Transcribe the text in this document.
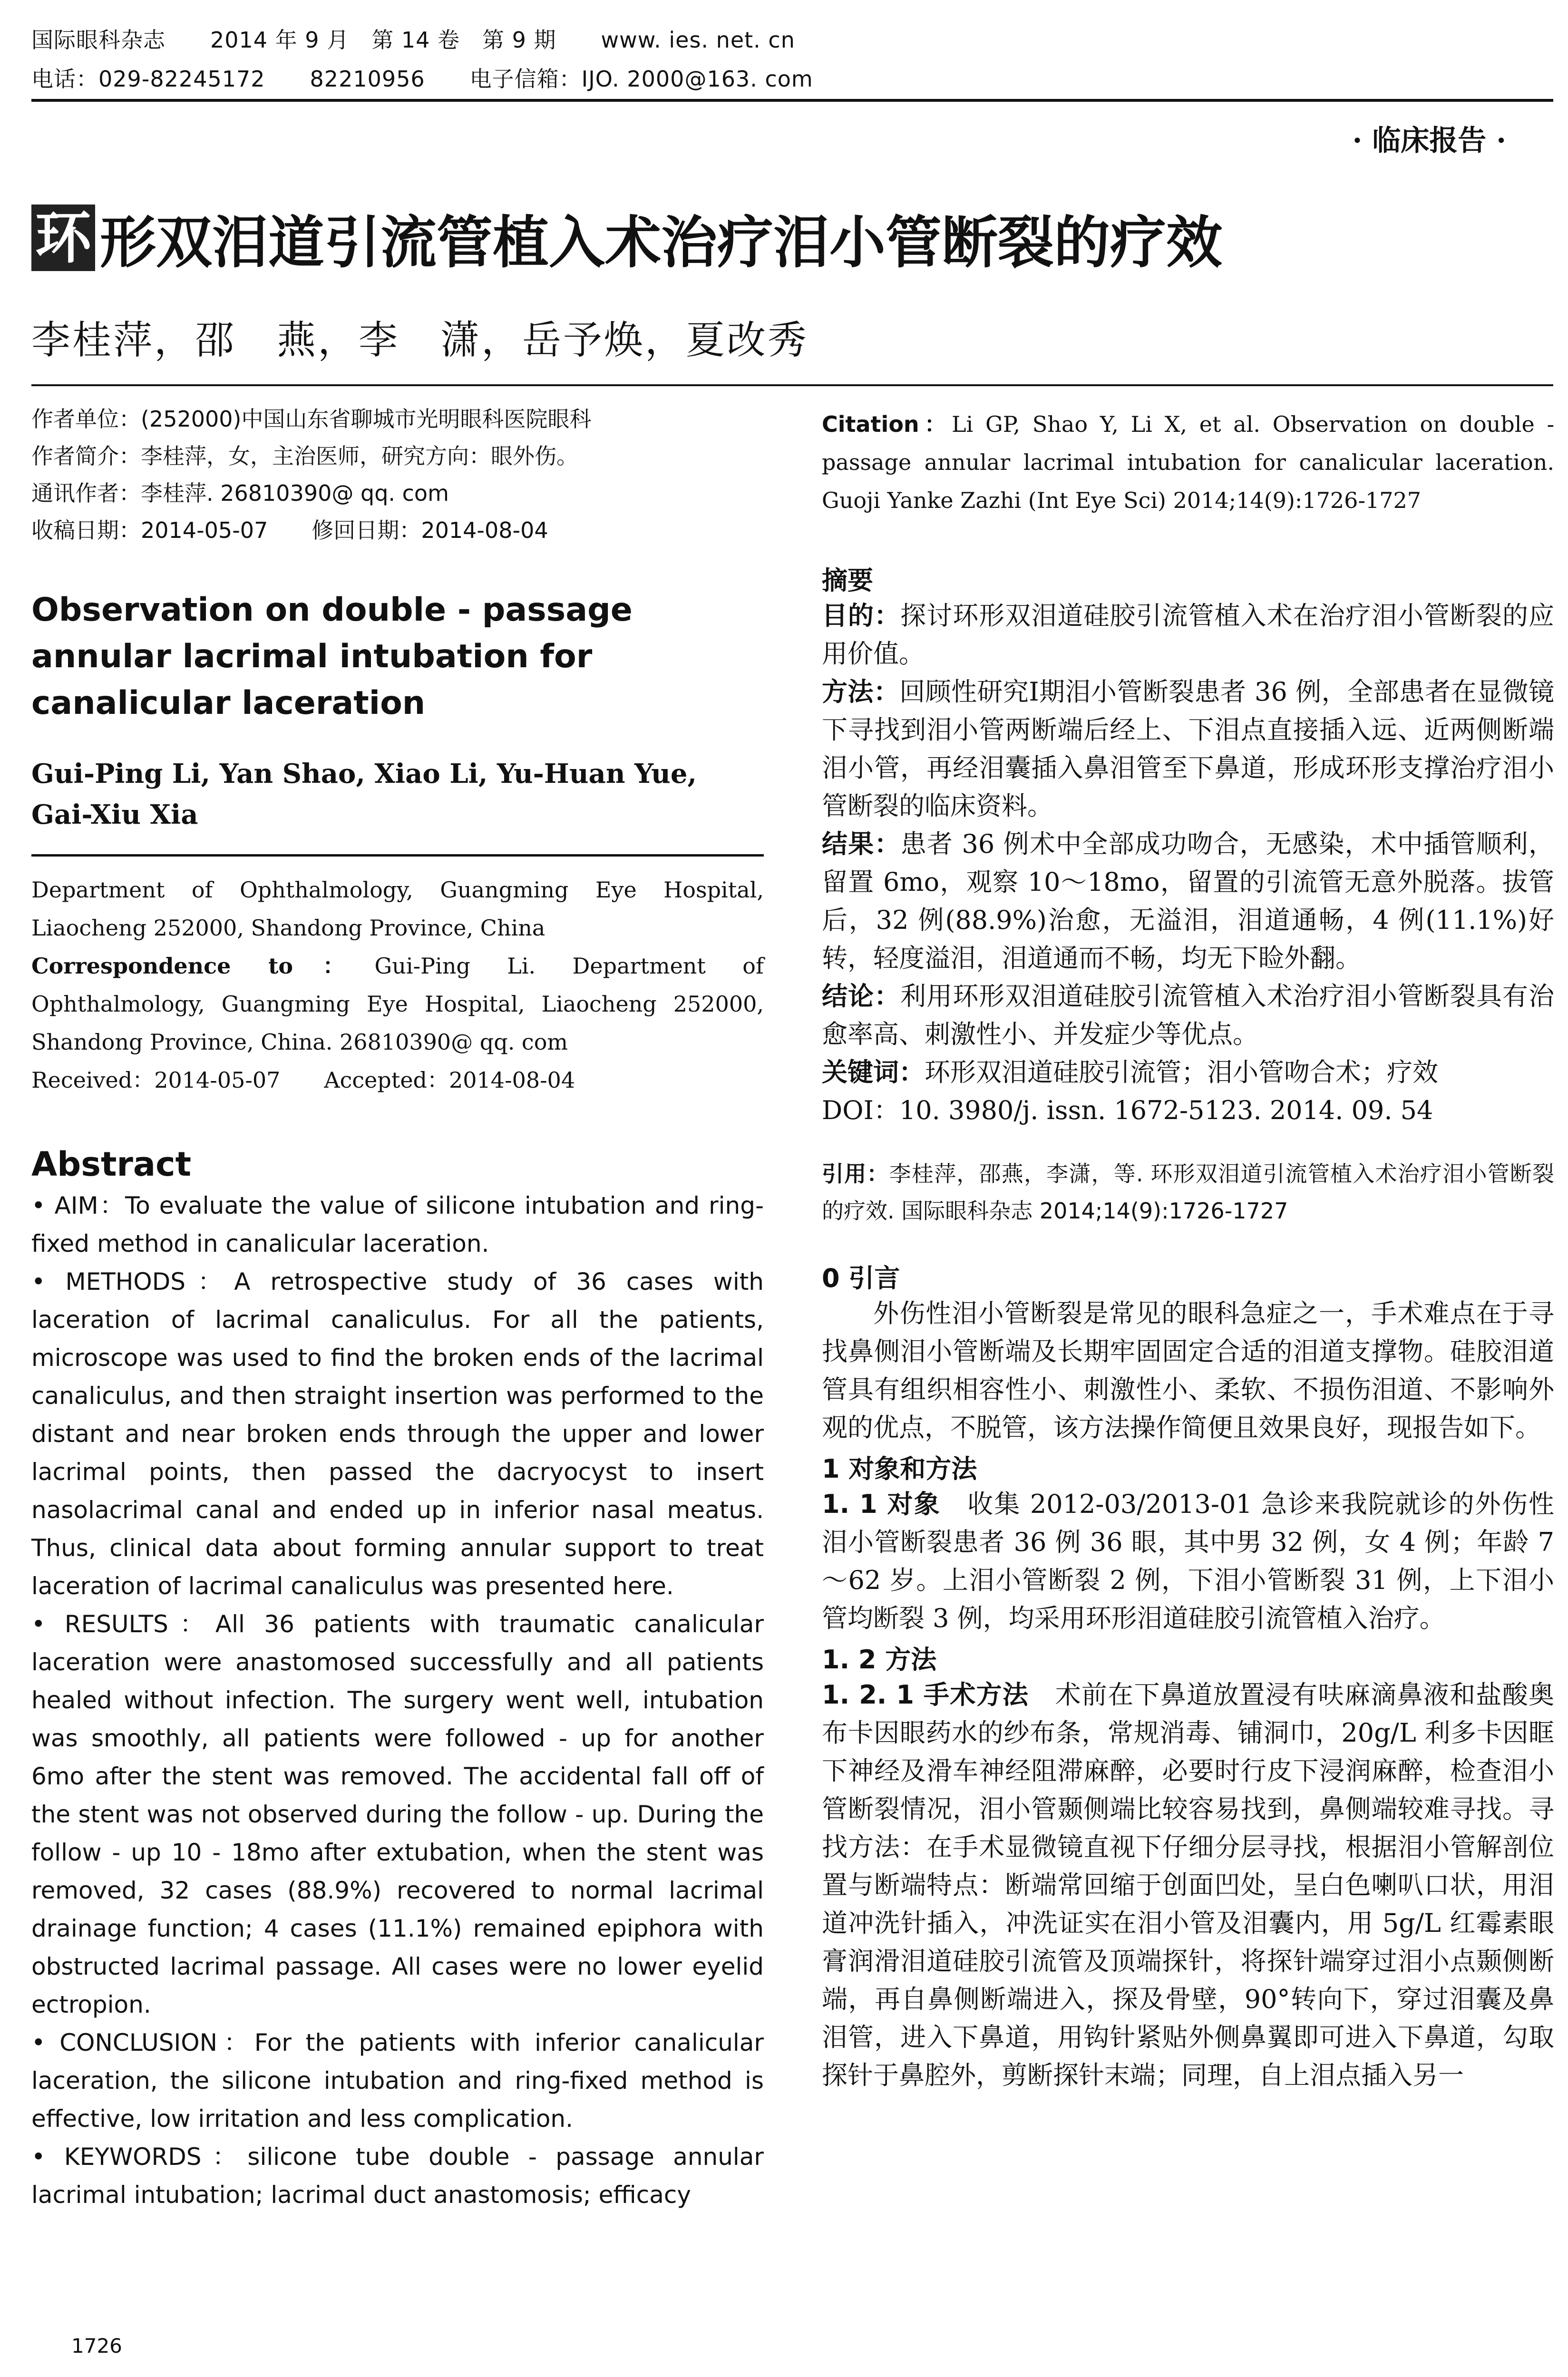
国际眼科杂志　　2014 年 9 月　第 14 卷　第 9 期　　www. ies. net. cn
电话：029-82245172　　82210956　　电子信箱：IJO. 2000@163. com
· 临床报告 ·
环 形双泪道引流管植入术治疗泪小管断裂的疗效
李桂萍，邵　燕，李　潇，岳予焕，夏改秀

作者单位：(252000)中国山东省聊城市光明眼科医院眼科

作者简介：李桂萍，女，主治医师，研究方向：眼外伤。

通讯作者：李桂萍. 26810390@ qq. com

收稿日期：2014-05-07　　修回日期：2014-08-04

Observation on double - passage annular lacrimal intubation for canalicular laceration
Gui-Ping Li, Yan Shao, Xiao Li, Yu-Huan Yue, Gai-Xiu Xia

Department of Ophthalmology, Guangming Eye Hospital, Liaocheng 252000, Shandong Province, China

Correspondence to：Gui-Ping Li. Department of Ophthalmology, Guangming Eye Hospital, Liaocheng 252000, Shandong Province, China. 26810390@ qq. com

Received：2014-05-07　　Accepted：2014-08-04

Abstract

• AIM：To evaluate the value of silicone intubation and ring-fixed method in canalicular laceration.

• METHODS：A retrospective study of 36 cases with laceration of lacrimal canaliculus. For all the patients, microscope was used to find the broken ends of the lacrimal canaliculus, and then straight insertion was performed to the distant and near broken ends through the upper and lower lacrimal points, then passed the dacryocyst to insert nasolacrimal canal and ended up in inferior nasal meatus. Thus, clinical data about forming annular support to treat laceration of lacrimal canaliculus was presented here.

• RESULTS：All 36 patients with traumatic canalicular laceration were anastomosed successfully and all patients healed without infection. The surgery went well, intubation was smoothly, all patients were followed - up for another 6mo after the stent was removed. The accidental fall off of the stent was not observed during the follow - up. During the follow - up 10 - 18mo after extubation, when the stent was removed, 32 cases (88.9%) recovered to normal lacrimal drainage function; 4 cases (11.1%) remained epiphora with obstructed lacrimal passage. All cases were no lower eyelid ectropion.

• CONCLUSION：For the patients with inferior canalicular laceration, the silicone intubation and ring-fixed method is effective, low irritation and less complication.

• KEYWORDS：silicone tube double - passage annular lacrimal intubation; lacrimal duct anastomosis; efficacy

Citation：Li GP, Shao Y, Li X, et al. Observation on double - passage annular lacrimal intubation for canalicular laceration. Guoji Yanke Zazhi (Int Eye Sci) 2014;14(9):1726-1727
摘要

目的：探讨环形双泪道硅胶引流管植入术在治疗泪小管断裂的应用价值。

方法：回顾性研究Ⅰ期泪小管断裂患者 36 例，全部患者在显微镜下寻找到泪小管两断端后经上、下泪点直接插入远、近两侧断端泪小管，再经泪囊插入鼻泪管至下鼻道，形成环形支撑治疗泪小管断裂的临床资料。

结果：患者 36 例术中全部成功吻合，无感染，术中插管顺利，留置 6mo，观察 10～18mo，留置的引流管无意外脱落。拔管后，32 例(88.9%)治愈，无溢泪，泪道通畅，4 例(11.1%)好转，轻度溢泪，泪道通而不畅，均无下睑外翻。

结论：利用环形双泪道硅胶引流管植入术治疗泪小管断裂具有治愈率高、刺激性小、并发症少等优点。

关键词：环形双泪道硅胶引流管；泪小管吻合术；疗效

DOI：10. 3980/j. issn. 1672-5123. 2014. 09. 54

引用：李桂萍，邵燕，李潇，等. 环形双泪道引流管植入术治疗泪小管断裂的疗效. 国际眼科杂志 2014;14(9):1726-1727
0 引言
外伤性泪小管断裂是常见的眼科急症之一，手术难点在于寻找鼻侧泪小管断端及长期牢固固定合适的泪道支撑物。硅胶泪道管具有组织相容性小、刺激性小、柔软、不损伤泪道、不影响外观的优点，不脱管，该方法操作简便且效果良好，现报告如下。
1 对象和方法
1. 1 对象　 收集 2012-03/2013-01 急诊来我院就诊的外伤性泪小管断裂患者 36 例 36 眼，其中男 32 例，女 4 例；年龄 7～62 岁。上泪小管断裂 2 例，下泪小管断裂 31 例，上下泪小管均断裂 3 例，均采用环形泪道硅胶引流管植入治疗。
1. 2 方法
1. 2. 1 手术方法　 术前在下鼻道放置浸有呋麻滴鼻液和盐酸奥布卡因眼药水的纱布条，常规消毒、铺洞巾，20g/L 利多卡因眶下神经及滑车神经阻滞麻醉，必要时行皮下浸润麻醉，检查泪小管断裂情况，泪小管颞侧端比较容易找到，鼻侧端较难寻找。寻找方法：在手术显微镜直视下仔细分层寻找，根据泪小管解剖位置与断端特点：断端常回缩于创面凹处，呈白色喇叭口状，用泪道冲洗针插入，冲洗证实在泪小管及泪囊内，用 5g/L 红霉素眼膏润滑泪道硅胶引流管及顶端探针，将探针端穿过泪小点颞侧断端，再自鼻侧断端进入，探及骨壁，90°转向下，穿过泪囊及鼻泪管，进入下鼻道，用钩针紧贴外侧鼻翼即可进入下鼻道，勾取探针于鼻腔外，剪断探针末端；同理，自上泪点插入另一
1726
